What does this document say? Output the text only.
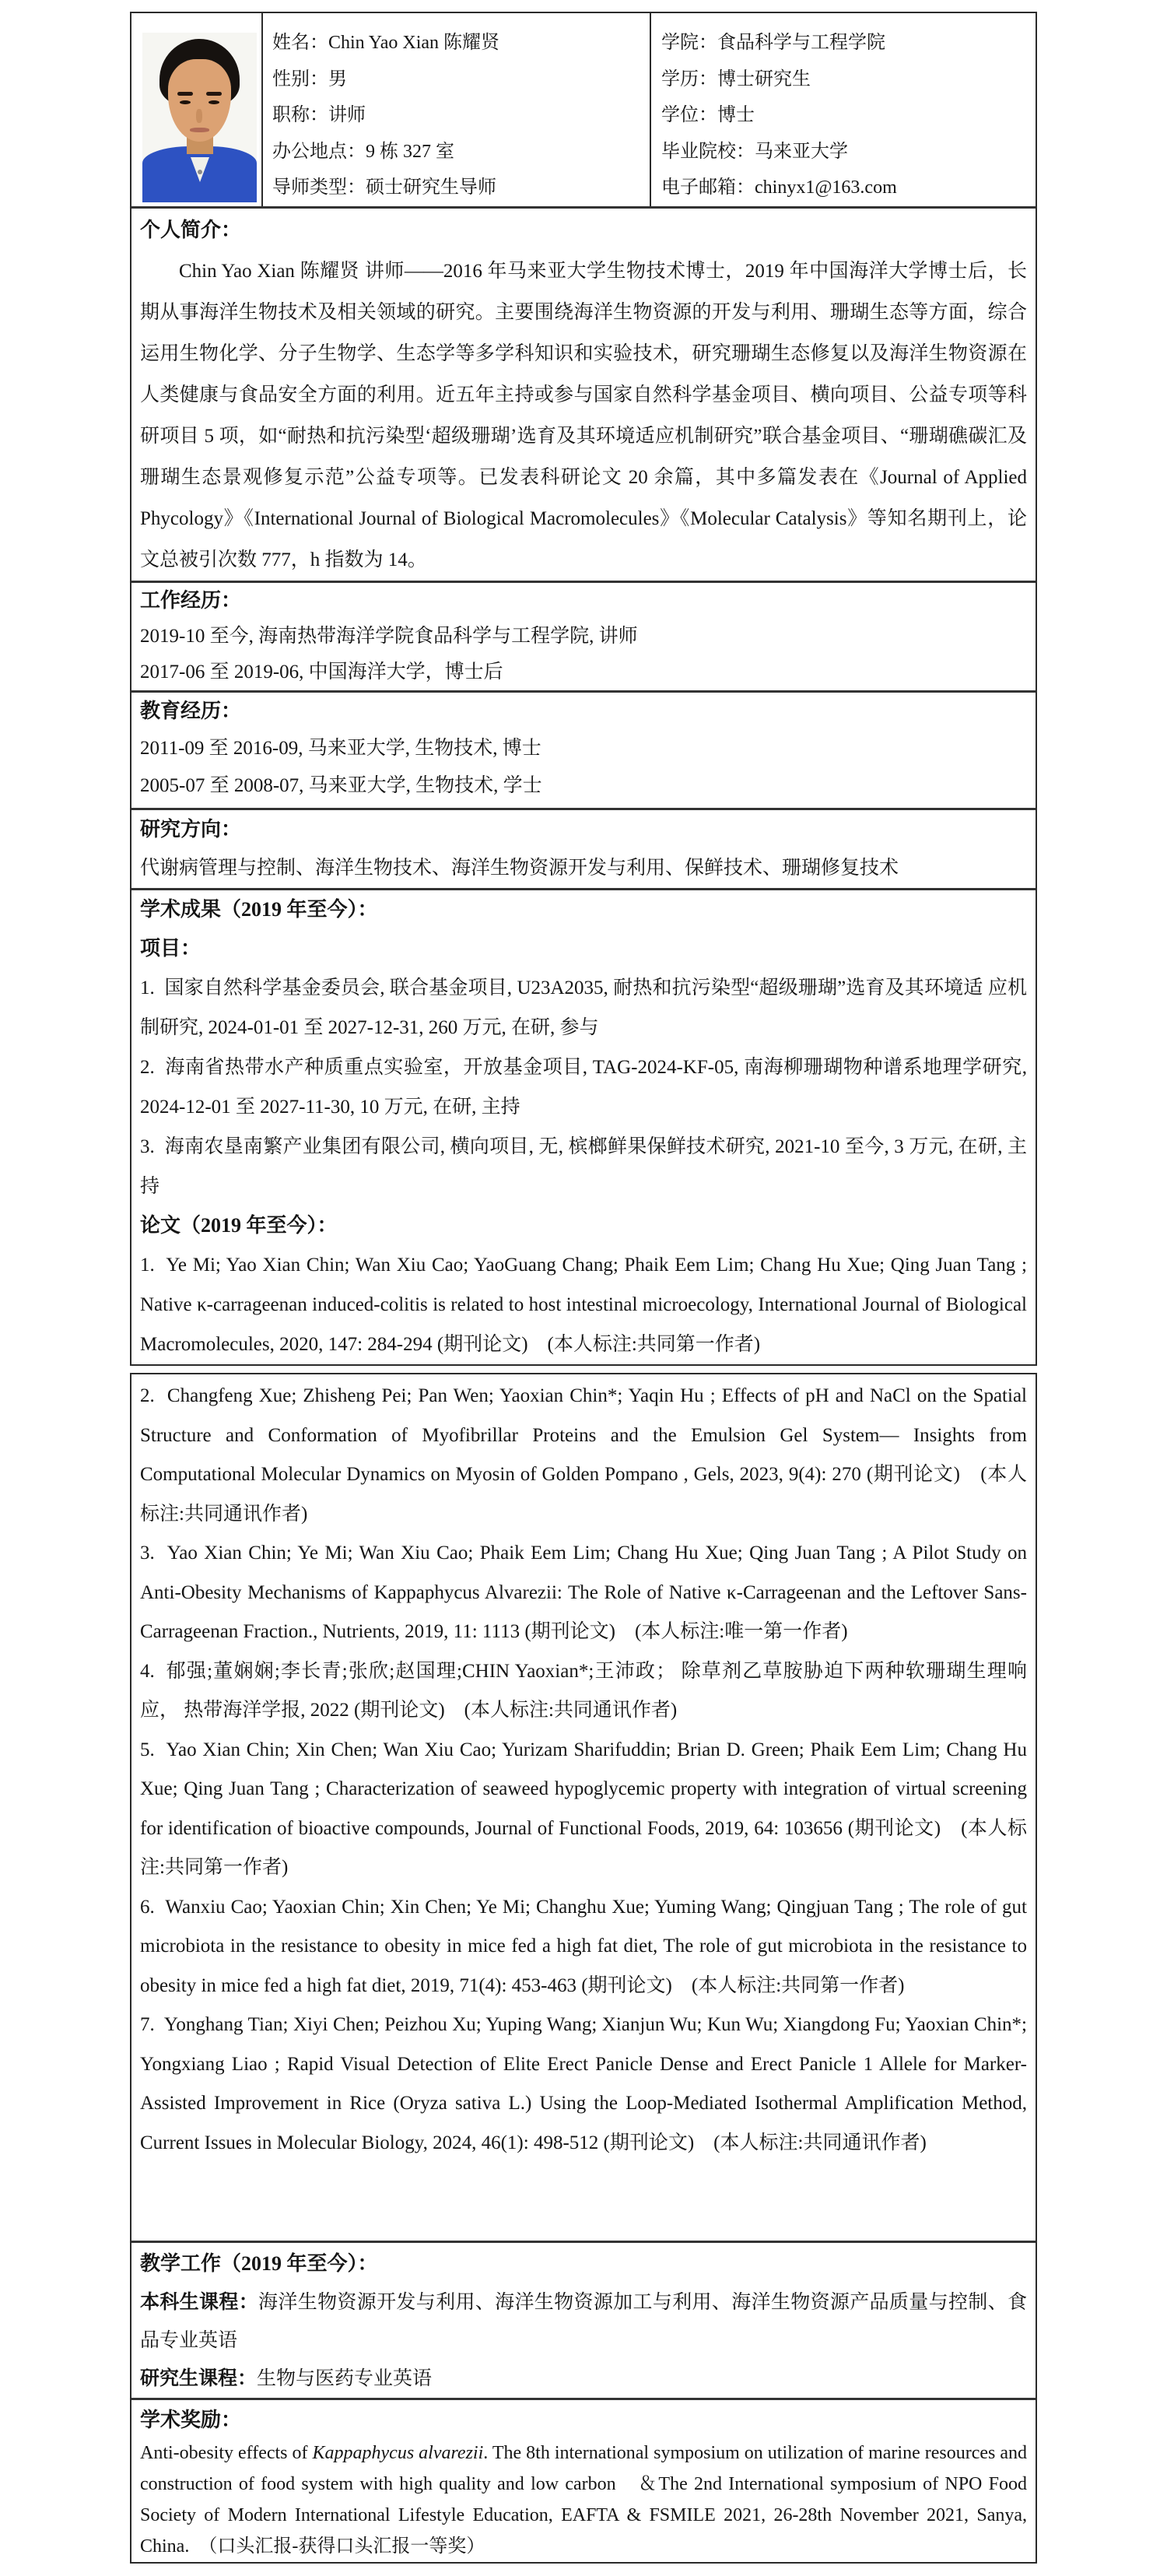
姓名：Chin Yao Xian 陈耀贤
性别：男
职称：讲师
办公地点：9 栋 327 室
导师类型：硕士研究生导师
学院：食品科学与工程学院
学历：博士研究生
学位：博士
毕业院校：马来亚大学
电子邮箱：chinyx1@163.com
个人简介：

Chin Yao Xian 陈耀贤 讲师——2016 年马来亚大学生物技术博士，2019 年中国海洋大学博士后，长期从事海洋生物技术及相关领域的研究。主要围绕海洋生物资源的开发与利用、珊瑚生态等方面，综合运用生物化学、分子生物学、生态学等多学科知识和实验技术，研究珊瑚生态修复以及海洋生物资源在人类健康与食品安全方面的利用。近五年主持或参与国家自然科学基金项目、横向项目、公益专项等科研项目 5 项，如“耐热和抗污染型‘超级珊瑚’选育及其环境适应机制研究”联合基金项目、“珊瑚礁碳汇及珊瑚生态景观修复示范”公益专项等。已发表科研论文 20 余篇，其中多篇发表在《Journal of Applied Phycology》《International Journal of Biological Macromolecules》《Molecular Catalysis》等知名期刊上，论文总被引次数 777，h 指数为 14。

工作经历：

2019-10 至今, 海南热带海洋学院食品科学与工程学院, 讲师

2017-06 至 2019-06, 中国海洋大学，博士后

教育经历：

2011-09 至 2016-09, 马来亚大学, 生物技术, 博士

2005-07 至 2008-07, 马来亚大学, 生物技术, 学士

研究方向：

代谢病管理与控制、海洋生物技术、海洋生物资源开发与利用、保鲜技术、珊瑚修复技术

学术成果（2019 年至今）：
项目：

1.  国家自然科学基金委员会, 联合基金项目, U23A2035, 耐热和抗污染型“超级珊瑚”选育及其环境适 应机制研究, 2024-01-01 至 2027-12-31, 260 万元, 在研, 参与

2.  海南省热带水产种质重点实验室，开放基金项目, TAG-2024-KF-05, 南海柳珊瑚物种谱系地理学研究, 2024-12-01 至 2027-11-30, 10 万元, 在研, 主持

3.  海南农垦南繁产业集团有限公司, 横向项目, 无, 槟榔鲜果保鲜技术研究, 2021-10 至今, 3 万元, 在研, 主持

论文（2019 年至今）：

1.  Ye Mi; Yao Xian Chin; Wan Xiu Cao; YaoGuang Chang; Phaik Eem Lim; Chang Hu Xue; Qing Juan Tang ; Native κ-carrageenan induced-colitis is related to host intestinal microecology, International Journal of Biological Macromolecules, 2020, 147: 284-294 (期刊论文)　(本人标注:共同第一作者)

2.  Changfeng Xue; Zhisheng Pei; Pan Wen; Yaoxian Chin*; Yaqin Hu ; Effects of pH and NaCl on the Spatial Structure and Conformation of Myofibrillar Proteins and the Emulsion Gel System— Insights from Computational Molecular Dynamics on Myosin of Golden Pompano , Gels, 2023, 9(4): 270 (期刊论文)　(本人标注:共同通讯作者)

3.  Yao Xian Chin; Ye Mi; Wan Xiu Cao; Phaik Eem Lim; Chang Hu Xue; Qing Juan Tang ; A Pilot Study on Anti-Obesity Mechanisms of Kappaphycus Alvarezii: The Role of Native κ-Carrageenan and the Leftover Sans-Carrageenan Fraction., Nutrients, 2019, 11: 1113 (期刊论文)　(本人标注:唯一第一作者)

4.  郁强;董娴娴;李长青;张欣;赵国理;CHIN Yaoxian*;王沛政； 除草剂乙草胺胁迫下两种软珊瑚生理响应， 热带海洋学报, 2022 (期刊论文)　(本人标注:共同通讯作者)

5.  Yao Xian Chin; Xin Chen; Wan Xiu Cao; Yurizam Sharifuddin; Brian D. Green; Phaik Eem Lim; Chang Hu Xue; Qing Juan Tang ; Characterization of seaweed hypoglycemic property with integration of virtual screening for identification of bioactive compounds, Journal of Functional Foods, 2019, 64: 103656 (期刊论文)　(本人标注:共同第一作者)

6.  Wanxiu Cao; Yaoxian Chin; Xin Chen; Ye Mi; Changhu Xue; Yuming Wang; Qingjuan Tang ; The role of gut microbiota in the resistance to obesity in mice fed a high fat diet, The role of gut microbiota in the resistance to obesity in mice fed a high fat diet, 2019, 71(4): 453-463 (期刊论文)　(本人标注:共同第一作者)

7.  Yonghang Tian; Xiyi Chen; Peizhou Xu; Yuping Wang; Xianjun Wu; Kun Wu; Xiangdong Fu; Yaoxian Chin*; Yongxiang Liao ; Rapid Visual Detection of Elite Erect Panicle Dense and Erect Panicle 1 Allele for Marker-Assisted Improvement in Rice (Oryza sativa L.) Using the Loop-Mediated Isothermal Amplification Method, Current Issues in Molecular Biology, 2024, 46(1): 498-512 (期刊论文)　(本人标注:共同通讯作者)

教学工作（2019 年至今）：

本科生课程：海洋生物资源开发与利用、海洋生物资源加工与利用、海洋生物资源产品质量与控制、食品专业英语

研究生课程：生物与医药专业英语

学术奖励：

Anti-obesity effects of Kappaphycus alvarezii. The 8th international symposium on utilization of marine resources and construction of food system with high quality and low carbon　＆The 2nd International symposium of NPO Food Society of Modern International Lifestyle Education, EAFTA & FSMILE 2021, 26-28th November 2021, Sanya, China.　（口头汇报-获得口头汇报一等奖）
